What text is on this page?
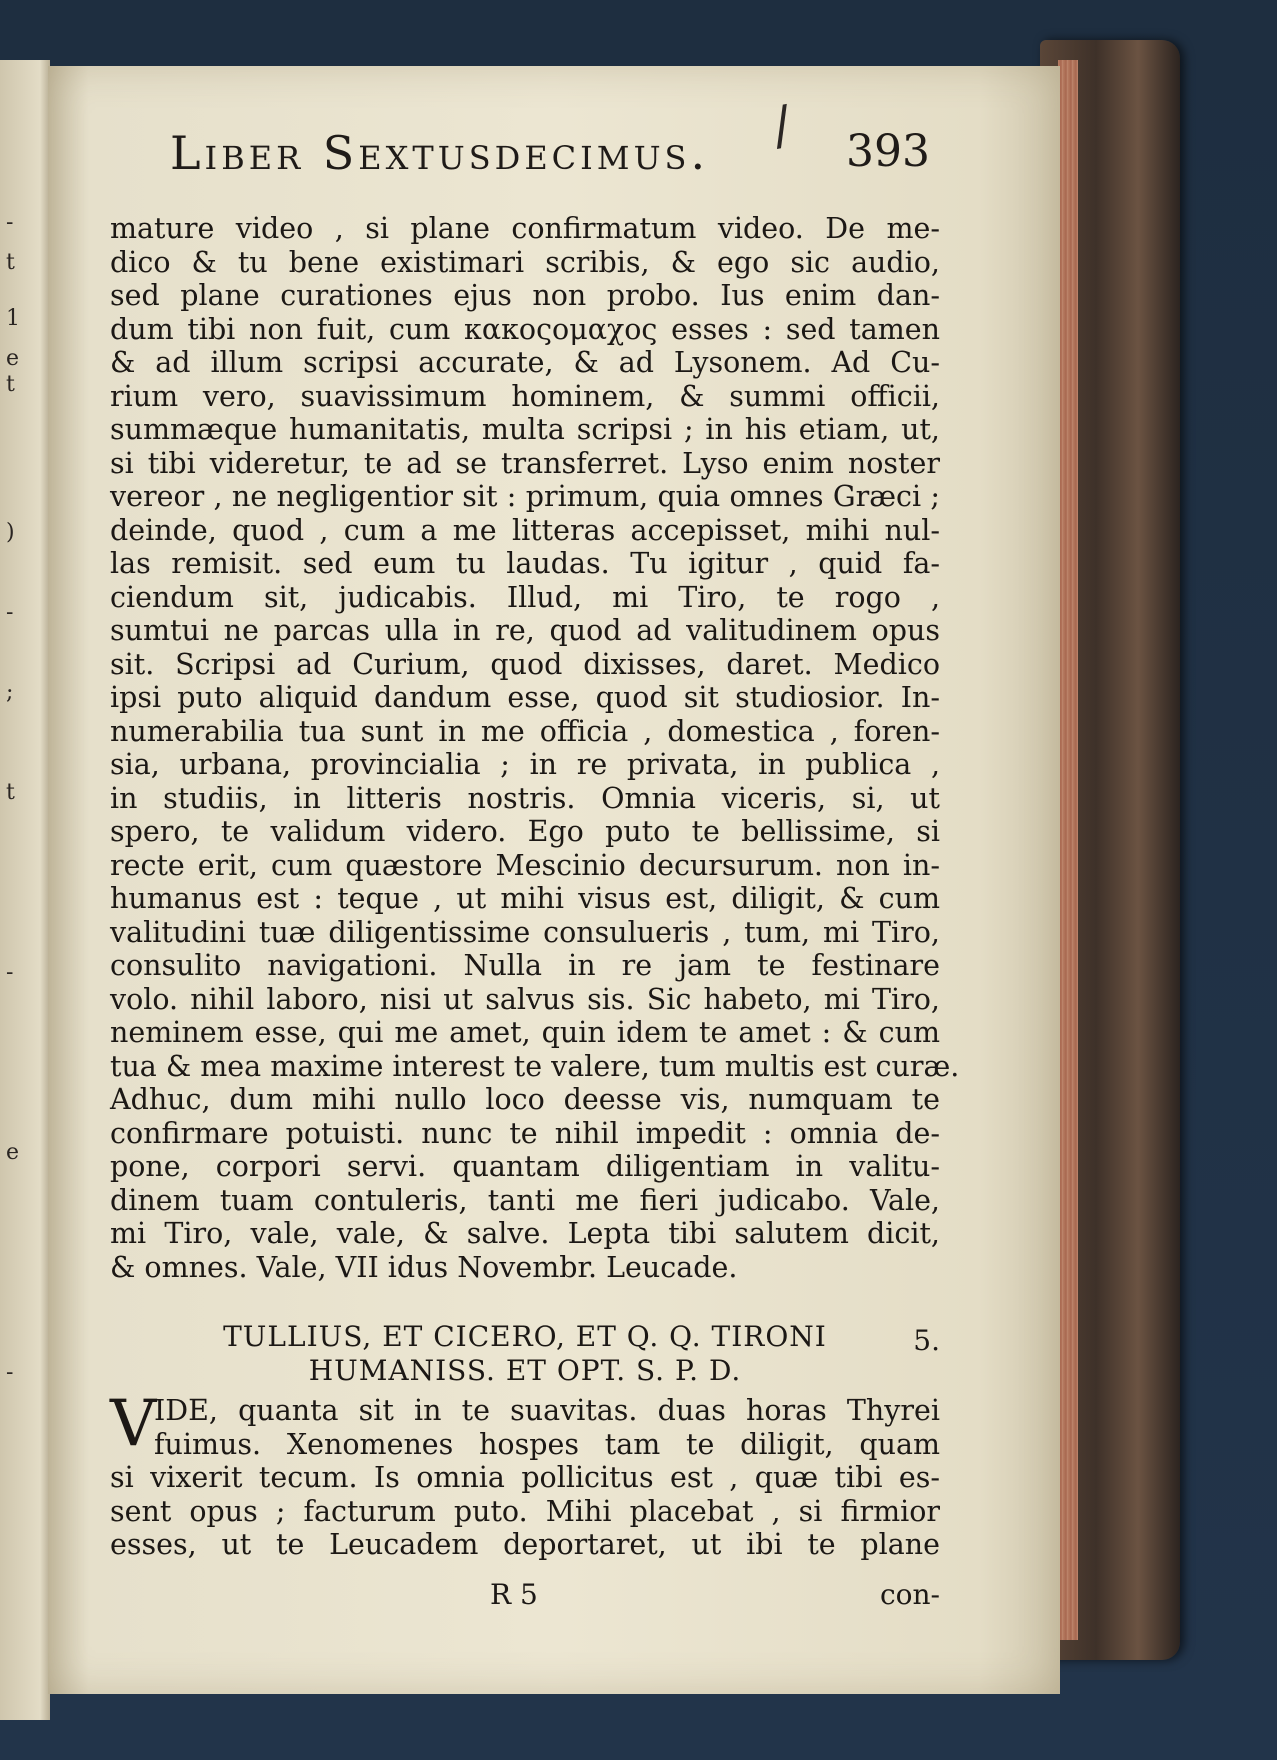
-
t
1
e
t
)
-
;
t
-
e
-
Liber Sextusdecimus. / 393
mature video , si plane confirmatum video. De me-
dico & tu bene existimari scribis, & ego sic audio,
sed plane curationes ejus non probo. Ius enim dan-
dum tibi non fuit, cum κακοςομαχος esses : sed tamen
& ad illum scripsi accurate, & ad Lysonem. Ad Cu-
rium vero, suavissimum hominem, & summi officii,
summæque humanitatis, multa scripsi ; in his etiam, ut,
si tibi videretur, te ad se transferret. Lyso enim noster
vereor , ne negligentior sit : primum, quia omnes Græci ;
deinde, quod , cum a me litteras accepisset, mihi nul-
las remisit. sed eum tu laudas. Tu igitur , quid fa-
ciendum sit, judicabis. Illud, mi Tiro, te rogo ,
sumtui ne parcas ulla in re, quod ad valitudinem opus
sit. Scripsi ad Curium, quod dixisses, daret. Medico
ipsi puto aliquid dandum esse, quod sit studiosior. In-
numerabilia tua sunt in me officia , domestica , foren-
sia, urbana, provincialia ; in re privata, in publica ,
in studiis, in litteris nostris. Omnia viceris, si, ut
spero, te validum videro. Ego puto te bellissime, si
recte erit, cum quæstore Mescinio decursurum. non in-
humanus est : teque , ut mihi visus est, diligit, & cum
valitudini tuæ diligentissime consulueris , tum, mi Tiro,
consulito navigationi. Nulla in re jam te festinare
volo. nihil laboro, nisi ut salvus sis. Sic habeto, mi Tiro,
neminem esse, qui me amet, quin idem te amet : & cum
tua & mea maxime interest te valere, tum multis est curæ.
Adhuc, dum mihi nullo loco deesse vis, numquam te
confirmare potuisti. nunc te nihil impedit : omnia de-
pone, corpori servi. quantam diligentiam in valitu-
dinem tuam contuleris, tanti me fieri judicabo. Vale,
mi Tiro, vale, vale, & salve. Lepta tibi salutem dicit,
& omnes. Vale, VII idus Novembr. Leucade.
TULLIUS, ET CICERO, ET Q. Q. TIRONI
HUMANISS. ET OPT. S. P. D.
5.
V
IDE, quanta sit in te suavitas. duas horas Thyrei
fuimus. Xenomenes hospes tam te diligit, quam
si vixerit tecum. Is omnia pollicitus est , quæ tibi es-
sent opus ; facturum puto. Mihi placebat , si firmior
esses, ut te Leucadem deportaret, ut ibi te plane
R 5	con-
